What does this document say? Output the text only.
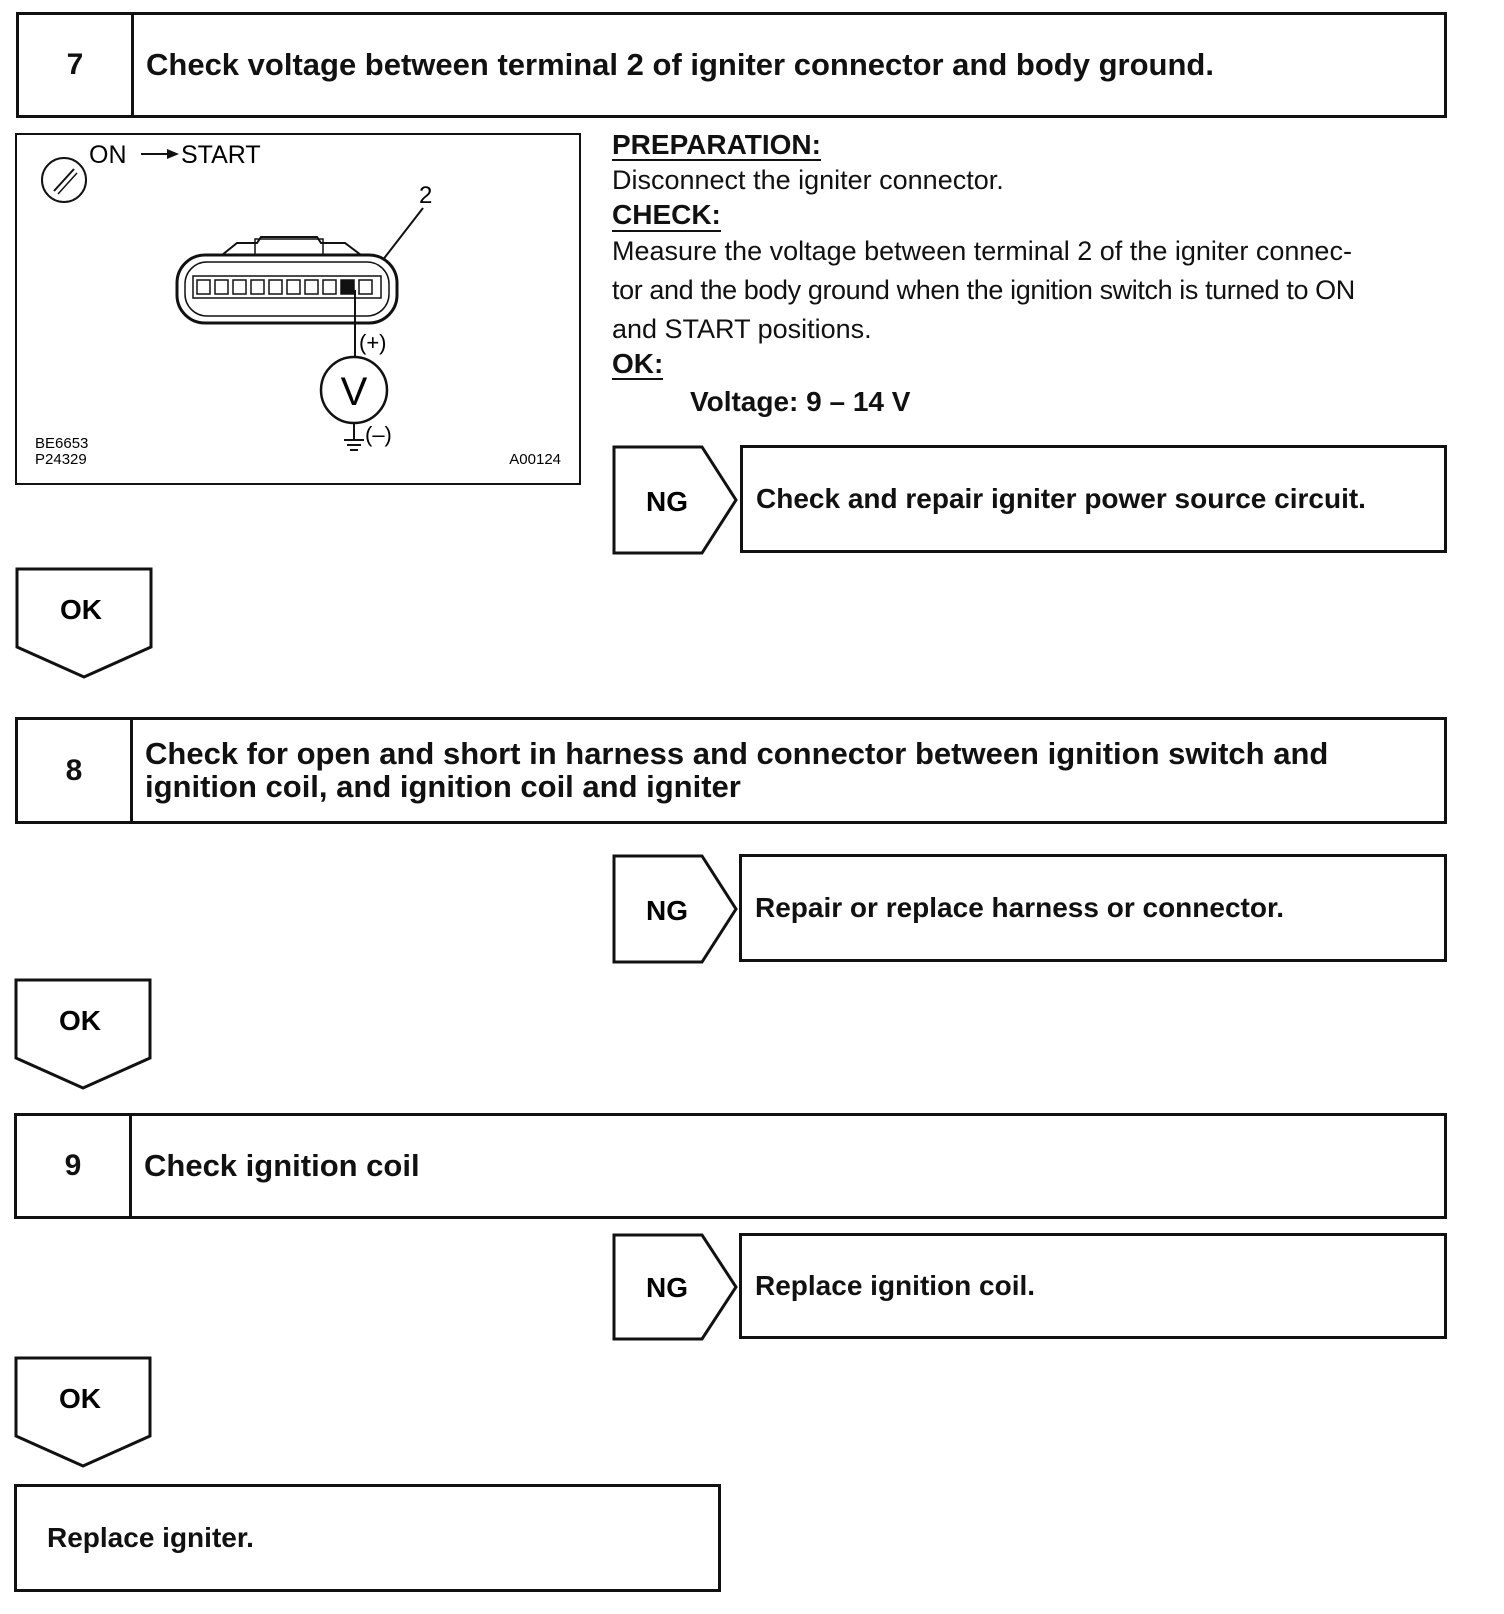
7	Check voltage between terminal 2 of igniter connector and body ground.
ON START
2
(+)
V
(–)
BE6653
P24329	A00124
PREPARATION:
Disconnect the igniter connector.
CHECK:
Measure the voltage between terminal 2 of the igniter connec-
tor and the body ground when the ignition switch is turned to ON
and START positions.
OK:
Voltage: 9 – 14 V
NG Check and repair igniter power source circuit.
OK
8	Check for open and short in harness and connector between ignition switch and ignition coil, and ignition coil and igniter
NG Repair or replace harness or connector.
OK
9	Check ignition coil
NG Replace ignition coil.
OK
Replace igniter.
